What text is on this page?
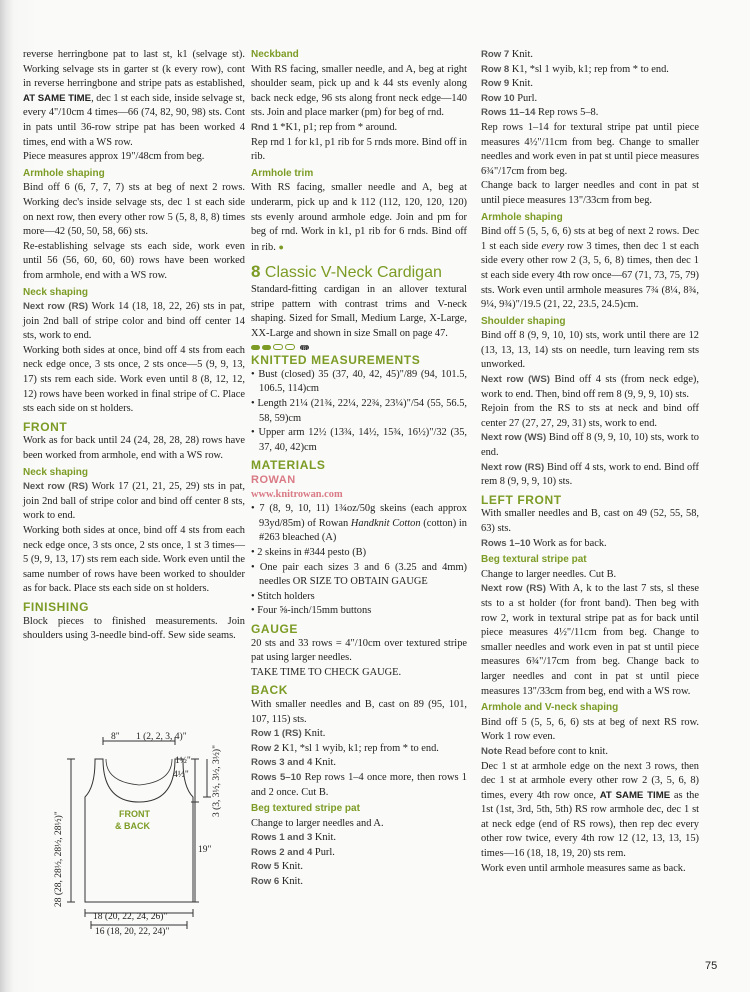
reverse herringbone pat to last st, k1 (selvage st). Working selvage sts in garter st (k every row), cont in reverse herringbone and stripe pats as established, AT SAME TIME, dec 1 st each side, inside selvage st, every 4"/10cm 4 times—66 (74, 82, 90, 98) sts. Cont in pats until 36-row stripe pat has been worked 4 times, end with a WS row.

Piece measures approx 19"/48cm from beg.

Armhole shaping

Bind off 6 (6, 7, 7, 7) sts at beg of next 2 rows. Working dec's inside selvage sts, dec 1 st each side on next row, then every other row 5 (5, 8, 8, 8) times more—42 (50, 50, 58, 66) sts.

Re-establishing selvage sts each side, work even until 56 (56, 60, 60, 60) rows have been worked from armhole, end with a WS row.

Neck shaping

Next row (RS) Work 14 (18, 18, 22, 26) sts in pat, join 2nd ball of stripe color and bind off center 14 sts, work to end.

Working both sides at once, bind off 4 sts from each neck edge once, 3 sts once, 2 sts once—5 (9, 9, 13, 17) sts rem each side. Work even until 8 (8, 12, 12, 12) rows have been worked in final stripe of C. Place sts each side on st holders.

FRONT

Work as for back until 24 (24, 28, 28, 28) rows have been worked from armhole, end with a WS row.

Neck shaping

Next row (RS) Work 17 (21, 21, 25, 29) sts in pat, join 2nd ball of stripe color and bind off center 8 sts, work to end.

Working both sides at once, bind off 4 sts from each neck edge once, 3 sts once, 2 sts once, 1 st 3 times—5 (9, 9, 13, 17) sts rem each side. Work even until the same number of rows have been worked to shoulder as for back. Place sts each side on st holders.

FINISHING

Block pieces to finished measurements. Join shoulders using 3-needle bind-off. Sew side seams.

8" 1 (2, 2, 3, 4)"
1½"
4½" 3 (3, 3½, 3½, 3½)"
19"
28 (28, 28½, 28½, 28½)"	FRONT
& BACK
18 (20, 22, 24, 26)"
16 (18, 20, 22, 24)"
Neckband

With RS facing, smaller needle, and A, beg at right shoulder seam, pick up and k 44 sts evenly along back neck edge, 96 sts along front neck edge—140 sts. Join and place marker (pm) for beg of rnd.

Rnd 1 *K1, p1; rep from * around.

Rep rnd 1 for k1, p1 rib for 5 rnds more. Bind off in rib.

Armhole trim

With RS facing, smaller needle and A, beg at underarm, pick up and k 112 (112, 120, 120, 120) sts evenly around armhole edge. Join and pm for beg of rnd. Work in k1, p1 rib for 6 rnds. Bind off in rib. ●

8 Classic V-Neck Cardigan

Standard-fitting cardigan in an allover textural stripe pattern with contrast trims and V-neck shaping. Sized for Small, Medium Large, X-Large, XX-Large and shown in size Small on page 47.

Ⓡ
KNITTED MEASUREMENTS

• Bust (closed) 35 (37, 40, 42, 45)"/89 (94, 101.5, 106.5, 114)cm

• Length 21¼ (21¾, 22¼, 22¾, 23¼)"/54 (55, 56.5, 58, 59)cm

• Upper arm 12½ (13¾, 14½, 15¾, 16½)"/32 (35, 37, 40, 42)cm

MATERIALS
ROWAN
www.knitrowan.com

• 7 (8, 9, 10, 11) 1¾oz/50g skeins (each approx 93yd/85m) of Rowan Handknit Cotton (cotton) in #263 bleached (A)

• 2 skeins in #344 pesto (B)

• One pair each sizes 3 and 6 (3.25 and 4mm) needles OR SIZE TO OBTAIN GAUGE

• Stitch holders

• Four ⅝-inch/15mm buttons

GAUGE

20 sts and 33 rows = 4"/10cm over textured stripe pat using larger needles.

TAKE TIME TO CHECK GAUGE.

BACK

With smaller needles and B, cast on 89 (95, 101, 107, 115) sts.

Row 1 (RS) Knit.

Row 2 K1, *sl 1 wyib, k1; rep from * to end.

Rows 3 and 4 Knit.

Rows 5–10 Rep rows 1–4 once more, then rows 1 and 2 once. Cut B.

Beg textured stripe pat

Change to larger needles and A.

Rows 1 and 3 Knit.

Rows 2 and 4 Purl.

Row 5 Knit.

Row 6 Knit.

Row 7 Knit.

Row 8 K1, *sl 1 wyib, k1; rep from * to end.

Row 9 Knit.

Row 10 Purl.

Rows 11–14 Rep rows 5–8.

Rep rows 1–14 for textural stripe pat until piece measures 4½"/11cm from beg. Change to smaller needles and work even in pat st until piece measures 6¾"/17cm from beg.

Change back to larger needles and cont in pat st until piece measures 13"/33cm from beg.

Armhole shaping

Bind off 5 (5, 5, 6, 6) sts at beg of next 2 rows. Dec 1 st each side every row 3 times, then dec 1 st each side every other row 2 (3, 5, 6, 8) times, then dec 1 st each side every 4th row once—67 (71, 73, 75, 79) sts. Work even until armhole measures 7¾ (8¼, 8¾, 9¼, 9¾)"/19.5 (21, 22, 23.5, 24.5)cm.

Shoulder shaping

Bind off 8 (9, 9, 10, 10) sts, work until there are 12 (13, 13, 13, 14) sts on needle, turn leaving rem sts unworked.

Next row (WS) Bind off 4 sts (from neck edge), work to end. Then, bind off rem 8 (9, 9, 9, 10) sts.

Rejoin from the RS to sts at neck and bind off center 27 (27, 27, 29, 31) sts, work to end.

Next row (WS) Bind off 8 (9, 9, 10, 10) sts, work to end.

Next row (RS) Bind off 4 sts, work to end. Bind off rem 8 (9, 9, 9, 10) sts.

LEFT FRONT

With smaller needles and B, cast on 49 (52, 55, 58, 63) sts.

Rows 1–10 Work as for back.

Beg textural stripe pat

Change to larger needles. Cut B.

Next row (RS) With A, k to the last 7 sts, sl these sts to a st holder (for front band). Then beg with row 2, work in textural stripe pat as for back until piece measures 4½"/11cm from beg. Change to smaller needles and work even in pat st until piece measures 6¾"/17cm from beg. Change back to larger needles and cont in pat st until piece measures 13"/33cm from beg, end with a WS row.

Armhole and V-neck shaping

Bind off 5 (5, 5, 6, 6) sts at beg of next RS row. Work 1 row even.

Note Read before cont to knit.

Dec 1 st at armhole edge on the next 3 rows, then dec 1 st at armhole every other row 2 (3, 5, 6, 8) times, every 4th row once, AT SAME TIME as the 1st (1st, 3rd, 5th, 5th) RS row armhole dec, dec 1 st at neck edge (end of RS rows), then rep dec every other row twice, every 4th row 12 (12, 13, 13, 15) times—16 (18, 18, 19, 20) sts rem.

Work even until armhole measures same as back.

75
